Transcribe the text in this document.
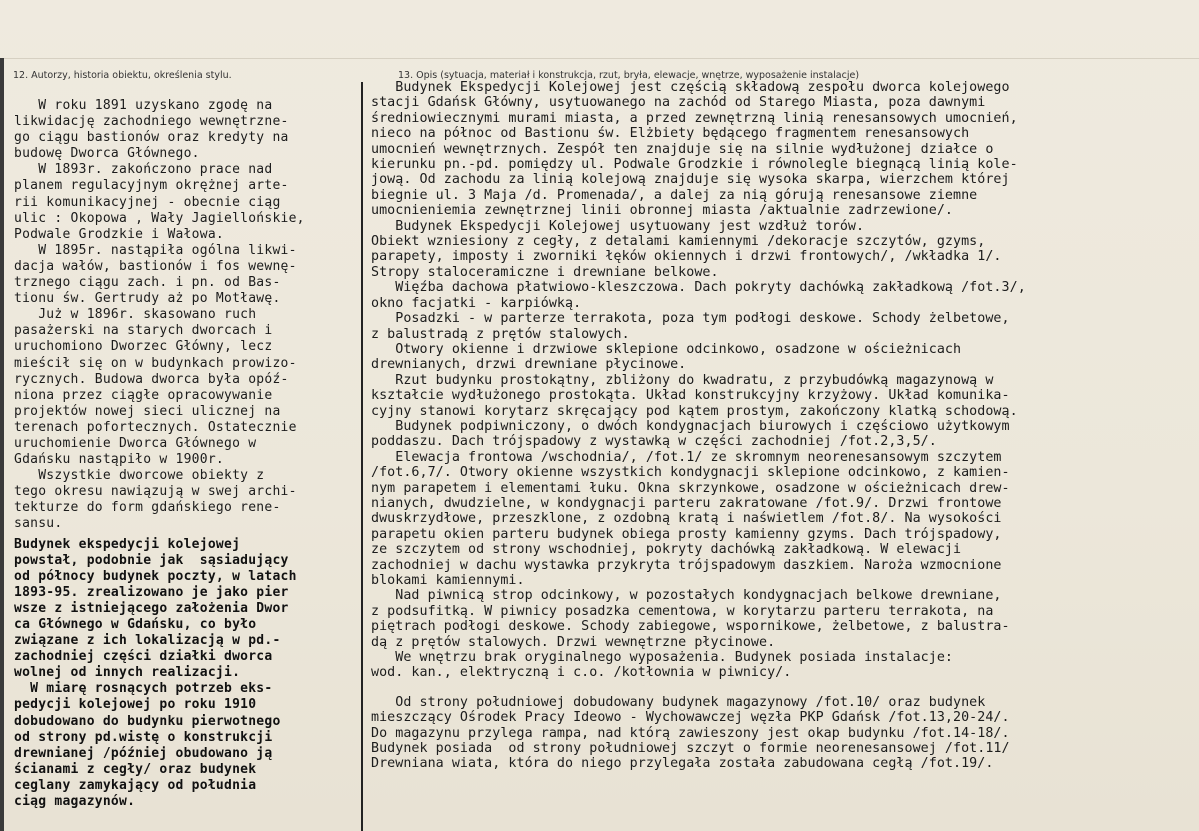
12. Autorzy, historia obiektu, określenia stylu.	13. Opis (sytuacja, materiał i konstrukcja, rzut, bryła, elewacje, wnętrze, wyposażenie instalacje)
W roku 1891 uzyskano zgodę na
likwidację zachodniego wewnętrzne-
go ciągu bastionów oraz kredyty na
budowę Dworca Głównego.
W 1893r. zakończono prace nad
planem regulacyjnym okrężnej arte-
rii komunikacyjnej - obecnie ciąg
ulic : Okopowa , Wały Jagiellońskie,
Podwale Grodzkie i Wałowa.
W 1895r. nastąpiła ogólna likwi-
dacja wałów, bastionów i fos wewnę-
trznego ciągu zach. i pn. od Bas-
tionu św. Gertrudy aż po Motławę.
Już w 1896r. skasowano ruch
pasażerski na starych dworcach i
uruchomiono Dworzec Główny, lecz
mieścił się on w budynkach prowizo-
rycznych. Budowa dworca była opóź-
niona przez ciągłe opracowywanie
projektów nowej sieci ulicznej na
terenach pofortecznych. Ostatecznie
uruchomienie Dworca Głównego w
Gdańsku nastąpiło w 1900r.
Wszystkie dworcowe obiekty z
tego okresu nawiązują w swej archi-
tekturze do form gdańskiego rene-
sansu.
Budynek ekspedycji kolejowej
powstał, podobnie jak  sąsiadujący
od północy budynek poczty, w latach
1893-95. zrealizowano je jako pier
wsze z istniejącego założenia Dwor
ca Głównego w Gdańsku, co było
związane z ich lokalizacją w pd.-
zachodniej części działki dworca
wolnej od innych realizacji.
W miarę rosnących potrzeb eks-
pedycji kolejowej po roku 1910
dobudowano do budynku pierwotnego
od strony pd.wistę o konstrukcji
drewnianej /później obudowano ją
ścianami z cegły/ oraz budynek
ceglany zamykający od południa
ciąg magazynów.
Budynek Ekspedycji Kolejowej jest częścią składową zespołu dworca kolejowego
stacji Gdańsk Główny, usytuowanego na zachód od Starego Miasta, poza dawnymi
średniowiecznymi murami miasta, a przed zewnętrzną linią renesansowych umocnień,
nieco na północ od Bastionu św. Elżbiety będącego fragmentem renesansowych
umocnień wewnętrznych. Zespół ten znajduje się na silnie wydłużonej działce o
kierunku pn.-pd. pomiędzy ul. Podwale Grodzkie i równolegle biegnącą linią kole-
jową. Od zachodu za linią kolejową znajduje się wysoka skarpa, wierzchem której
biegnie ul. 3 Maja /d. Promenada/, a dalej za nią górują renesansowe ziemne
umocnieniemia zewnętrznej linii obronnej miasta /aktualnie zadrzewione/.
Budynek Ekspedycji Kolejowej usytuowany jest wzdłuż torów.
Obiekt wzniesiony z cegły, z detalami kamiennymi /dekoracje szczytów, gzyms,
parapety, imposty i zworniki łęków okiennych i drzwi frontowych/, /wkładka 1/.
Stropy staloceramiczne i drewniane belkowe.
Więźba dachowa płatwiowo-kleszczowa. Dach pokryty dachówką zakładkową /fot.3/,
okno facjatki - karpiówką.
Posadzki - w parterze terrakota, poza tym podłogi deskowe. Schody żelbetowe,
z balustradą z prętów stalowych.
Otwory okienne i drzwiowe sklepione odcinkowo, osadzone w ościeżnicach
drewnianych, drzwi drewniane płycinowe.
Rzut budynku prostokątny, zbliżony do kwadratu, z przybudówką magazynową w
kształcie wydłużonego prostokąta. Układ konstrukcyjny krzyżowy. Układ komunika-
cyjny stanowi korytarz skręcający pod kątem prostym, zakończony klatką schodową.
Budynek podpiwniczony, o dwóch kondygnacjach biurowych i częściowo użytkowym
poddaszu. Dach trójspadowy z wystawką w części zachodniej /fot.2,3,5/.
Elewacja frontowa /wschodnia/, /fot.1/ ze skromnym neorenesansowym szczytem
/fot.6,7/. Otwory okienne wszystkich kondygnacji sklepione odcinkowo, z kamien-
nym parapetem i elementami łuku. Okna skrzynkowe, osadzone w ościeżnicach drew-
nianych, dwudzielne, w kondygnacji parteru zakratowane /fot.9/. Drzwi frontowe
dwuskrzydłowe, przeszklone, z ozdobną kratą i naświetlem /fot.8/. Na wysokości
parapetu okien parteru budynek obiega prosty kamienny gzyms. Dach trójspadowy,
ze szczytem od strony wschodniej, pokryty dachówką zakładkową. W elewacji
zachodniej w dachu wystawka przykryta trójspadowym daszkiem. Naroża wzmocnione
blokami kamiennymi.
Nad piwnicą strop odcinkowy, w pozostałych kondygnacjach belkowe drewniane,
z podsufitką. W piwnicy posadzka cementowa, w korytarzu parteru terrakota, na
piętrach podłogi deskowe. Schody zabiegowe, wspornikowe, żelbetowe, z balustra-
dą z prętów stalowych. Drzwi wewnętrzne płycinowe.
We wnętrzu brak oryginalnego wyposażenia. Budynek posiada instalacje:
wod. kan., elektryczną i c.o. /kotłownia w piwnicy/.
Od strony południowej dobudowany budynek magazynowy /fot.10/ oraz budynek
mieszczący Ośrodek Pracy Ideowo - Wychowawczej węzła PKP Gdańsk /fot.13,20-24/.
Do magazynu przylega rampa, nad którą zawieszony jest okap budynku /fot.14-18/.
Budynek posiada  od strony południowej szczyt o formie neorenesansowej /fot.11/
Drewniana wiata, która do niego przylegała została zabudowana cegłą /fot.19/.
